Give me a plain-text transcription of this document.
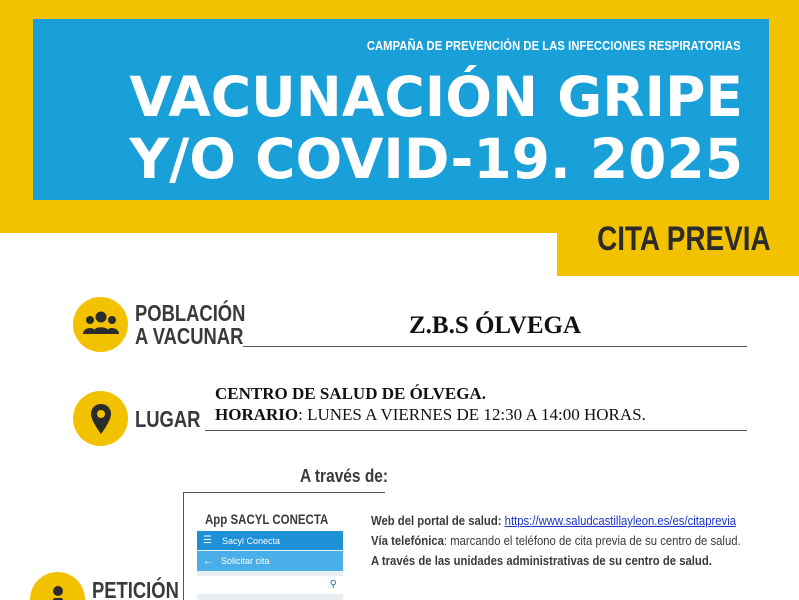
CAMPAÑA DE PREVENCIÓN DE LAS INFECCIONES RESPIRATORIAS
VACUNACIÓN GRIPE
Y/O COVID-19. 2025
CITA PREVIA
POBLACIÓN
A VACUNAR	Z.B.S ÓLVEGA
LUGAR
CENTRO DE SALUD DE ÓLVEGA.
HORARIO: LUNES A VIERNES DE 12:30 A 14:00 HORAS.
A través de:
PETICIÓN
App SACYL CONECTA
☰ Sacyl Conecta
← Solicitar cita
⚲
Web del portal de salud: https://www.saludcastillayleon.es/es/citaprevia
Vía telefónica: marcando el teléfono de cita previa de su centro de salud.
A través de las unidades administrativas de su centro de salud.
